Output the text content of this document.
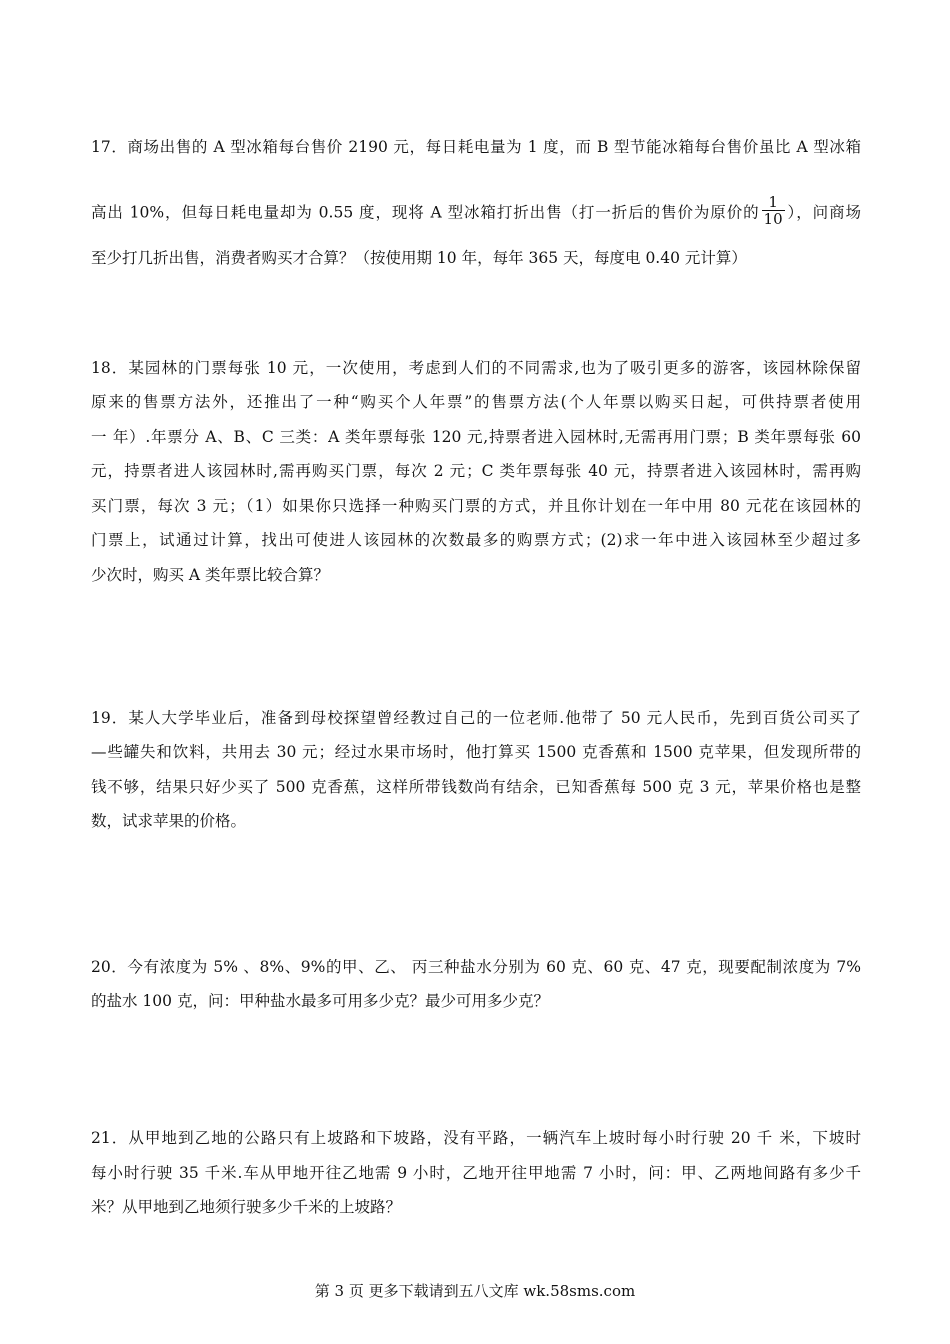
17．商场出售的 A 型冰箱每台售价 2190 元，每日耗电量为 1 度，而 B 型节能冰箱每台售价虽比 A 型冰箱
高出 10%，但每日耗电量却为 0.55 度，现将 A 型冰箱打折出售（打一折后的售价为原价的 $\frac{1}{10}$ ），问商场
至少打几折出售，消费者购买才合算？（按使用期 10 年，每年 365 天，每度电 0.40 元计算）
18．某园林的门票每张 10 元，一次使用，考虑到人们的不同需求,也为了吸引更多的游客，该园林除保留
原来的售票方法外，还推出了一种“购买个人年票”的售票方法(个人年票以购买日起，可供持票者使用
一 年）.年票分 A、B、C 三类：A 类年票每张 120 元,持票者进入园林时,无需再用门票；B 类年票每张 60
元，持票者进人该园林时,需再购买门票，每次 2 元；C 类年票每张 40 元，持票者进入该园林时，需再购
买门票，每次 3 元；（1）如果你只选择一种购买门票的方式，并且你计划在一年中用 80 元花在该园林的
门票上，试通过计算，找出可使进人该园林的次数最多的购票方式；(2)求一年中进入该园林至少超过多
少次时，购买 A 类年票比较合算？
19．某人大学毕业后，准备到母校探望曾经教过自己的一位老师.他带了 50 元人民币，先到百货公司买了
—些罐失和饮料，共用去 30 元；经过水果市场时，他打算买 1500 克香蕉和 1500 克苹果，但发现所带的
钱不够，结果只好少买了 500 克香蕉，这样所带钱数尚有结余，已知香蕉每 500 克 3 元，苹果价格也是整
数，试求苹果的价格。
20．今有浓度为 5% 、8%、9%的甲、乙、 丙三种盐水分别为 60 克、60 克、47 克，现要配制浓度为 7%
的盐水 100 克，问：甲种盐水最多可用多少克？最少可用多少克？
21．从甲地到乙地的公路只有上坡路和下坡路，没有平路，一辆汽车上坡时每小时行驶 20 千 米，下坡时
每小时行驶 35 千米.车从甲地开往乙地需 9 小时，乙地开往甲地需 7 小时，问：甲、乙两地间路有多少千
米？从甲地到乙地须行驶多少千米的上坡路？
第 3 页 更多下载请到五八文库 wk.58sms.com
